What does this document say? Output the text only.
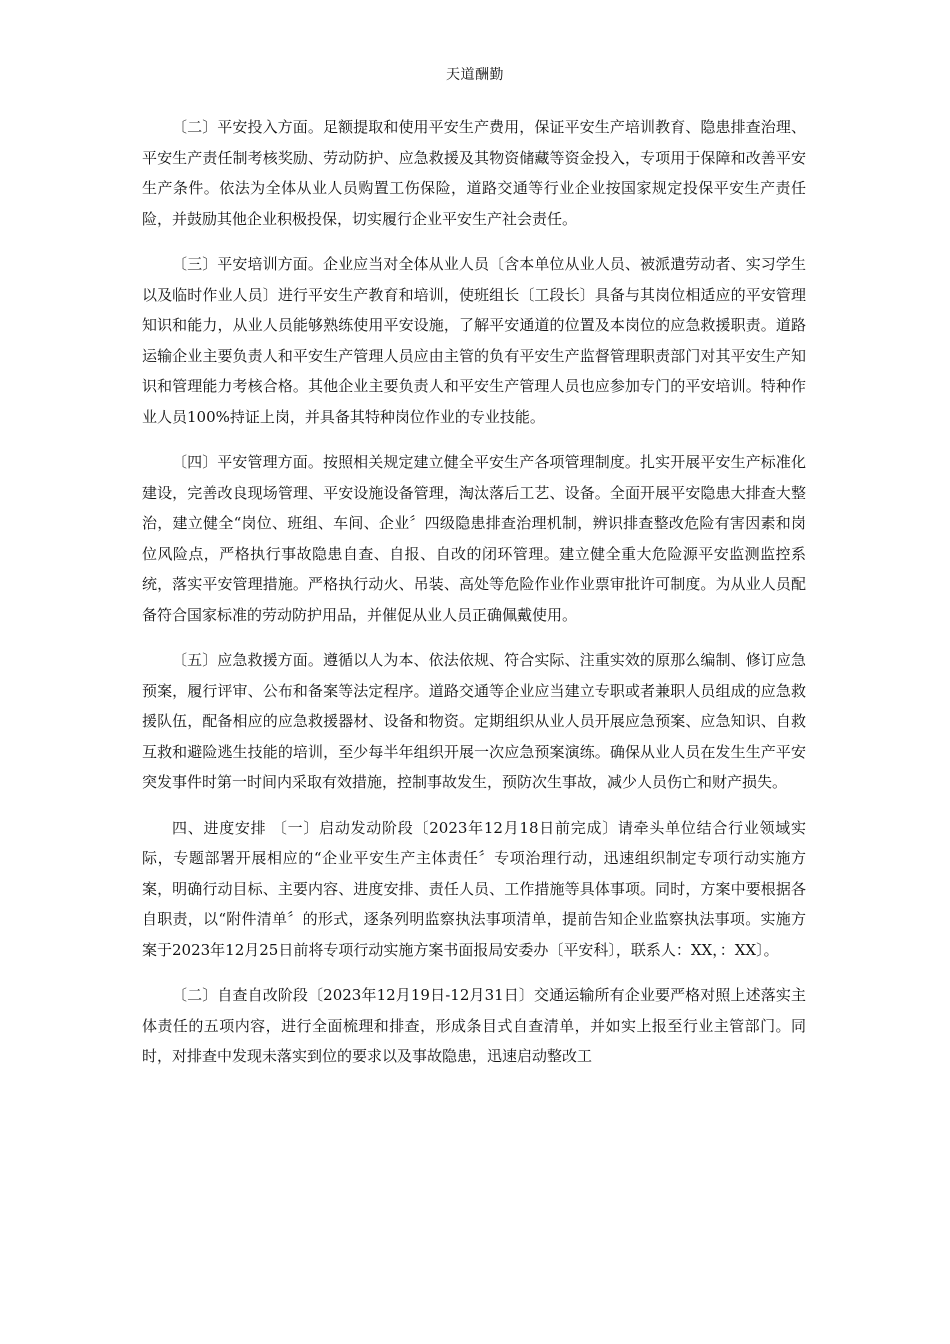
天道酬勤

〔二〕平安投入方面。足额提取和使用平安生产费用，保证平安生产培训教育、隐患排查治理、平安生产责任制考核奖励、劳动防护、应急救援及其物资储藏等资金投入，专项用于保障和改善平安生产条件。依法为全体从业人员购置工伤保险，道路交通等行业企业按国家规定投保平安生产责任险，并鼓励其他企业积极投保，切实履行企业平安生产社会责任。

〔三〕平安培训方面。企业应当对全体从业人员〔含本单位从业人员、被派遣劳动者、实习学生以及临时作业人员〕进行平安生产教育和培训，使班组长〔工段长〕具备与其岗位相适应的平安管理知识和能力，从业人员能够熟练使用平安设施，了解平安通道的位置及本岗位的应急救援职责。道路运输企业主要负责人和平安生产管理人员应由主管的负有平安生产监督管理职责部门对其平安生产知识和管理能力考核合格。其他企业主要负责人和平安生产管理人员也应参加专门的平安培训。特种作业人员100%持证上岗，并具备其特种岗位作业的专业技能。

〔四〕平安管理方面。按照相关规定建立健全平安生产各项管理制度。扎实开展平安生产标准化建设，完善改良现场管理、平安设施设备管理，淘汰落后工艺、设备。全面开展平安隐患大排查大整治，建立健全“岗位、班组、车间、企业〞四级隐患排查治理机制，辨识排查整改危险有害因素和岗位风险点，严格执行事故隐患自查、自报、自改的闭环管理。建立健全重大危险源平安监测监控系统，落实平安管理措施。严格执行动火、吊装、高处等危险作业作业票审批许可制度。为从业人员配备符合国家标准的劳动防护用品，并催促从业人员正确佩戴使用。

〔五〕应急救援方面。遵循以人为本、依法依规、符合实际、注重实效的原那么编制、修订应急预案，履行评审、公布和备案等法定程序。道路交通等企业应当建立专职或者兼职人员组成的应急救援队伍，配备相应的应急救援器材、设备和物资。定期组织从业人员开展应急预案、应急知识、自救互救和避险逃生技能的培训，至少每半年组织开展一次应急预案演练。确保从业人员在发生生产平安突发事件时第一时间内采取有效措施，控制事故发生，预防次生事故，减少人员伤亡和财产损失。

四、进度安排 〔一〕启动发动阶段〔2023年12月18日前完成〕请牵头单位结合行业领域实际，专题部署开展相应的“企业平安生产主体责任〞专项治理行动，迅速组织制定专项行动实施方案，明确行动目标、主要内容、进度安排、责任人员、工作措施等具体事项。同时，方案中要根据各自职责，以“附件清单〞的形式，逐条列明监察执法事项清单，提前告知企业监察执法事项。实施方案于2023年12月25日前将专项行动实施方案书面报局安委办〔平安科〕，联系人：XX，：XX〕。

〔二〕自查自改阶段〔2023年12月19日-12月31日〕交通运输所有企业要严格对照上述落实主体责任的五项内容，进行全面梳理和排查，形成条目式自查清单，并如实上报至行业主管部门。同时，对排查中发现未落实到位的要求以及事故隐患，迅速启动整改工
